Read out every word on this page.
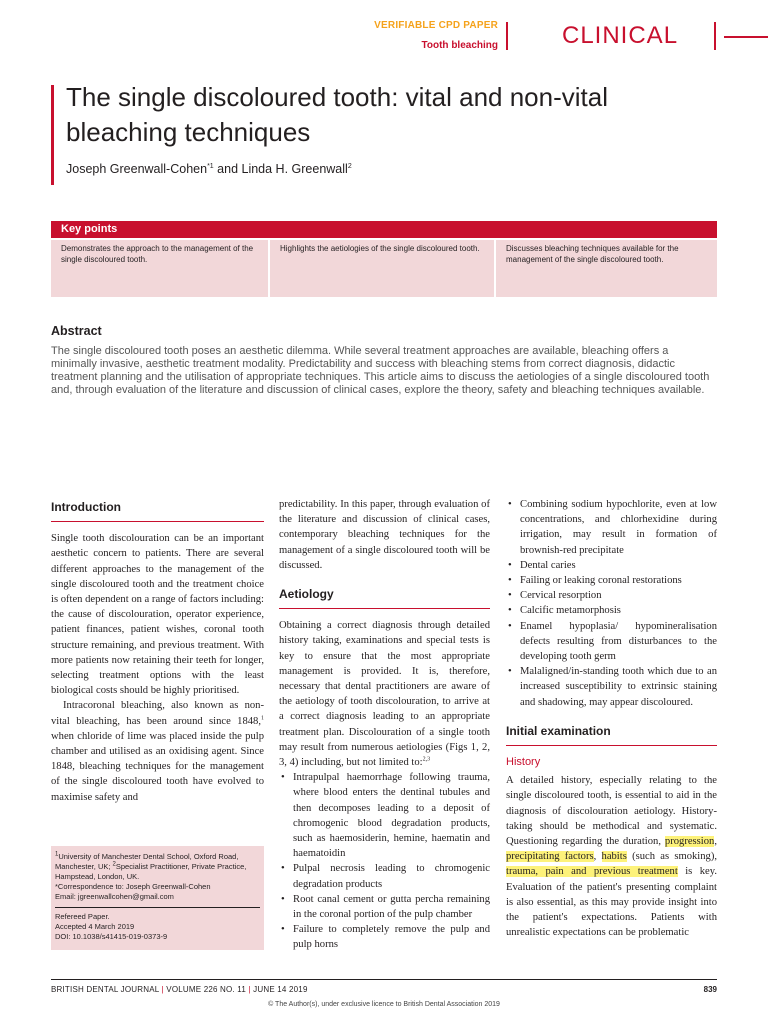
VERIFIABLE CPD PAPER
Tooth bleaching	CLINICAL
The single discoloured tooth: vital and non-vital bleaching techniques
Joseph Greenwall-Cohen$^{*1}$ and Linda H. Greenwall$^2$
Key points
Demonstrates the approach to the management of the single discoloured tooth.
Highlights the aetiologies of the single discoloured tooth.	Discusses bleaching techniques available for the management of the single discoloured tooth.
Abstract
The single discoloured tooth poses an aesthetic dilemma. While several treatment approaches are available, bleaching offers a minimally invasive, aesthetic treatment modality. Predictability and success with bleaching stems from correct diagnosis, didactic treatment planning and the utilisation of appropriate techniques. This article aims to discuss the aetiologies of a single discoloured tooth and, through evaluation of the literature and discussion of clinical cases, explore the theory, safety and bleaching techniques available.
Introduction

Single tooth discolouration can be an important aesthetic concern to patients. There are several different approaches to the management of the single discoloured tooth and the treatment choice is often dependent on a range of factors including: the cause of discolouration, operator experience, patient finances, patient wishes, coronal tooth structure remaining, and previous treatment. With more patients now retaining their teeth for longer, selecting treatment options with the least biological costs should be highly prioritised.

Intracoronal bleaching, also known as non-vital bleaching, has been around since 1848,$^1$ when chloride of lime was placed inside the pulp chamber and utilised as an oxidising agent. Since 1848, bleaching techniques for the management of the single discoloured tooth have evolved to maximise safety and

$^1$University of Manchester Dental School, Oxford Road, Manchester, UK; $^2$Specialist Practitioner, Private Practice, Hampstead, London, UK.
*Correspondence to: Joseph Greenwall-Cohen
Email: jgreenwallcohen@gmail.com
Refereed Paper.
Accepted 4 March 2019
DOI: 10.1038/s41415-019-0373-9

predictability. In this paper, through evaluation of the literature and discussion of clinical cases, contemporary bleaching techniques for the management of a single discoloured tooth will be discussed.

Aetiology

Obtaining a correct diagnosis through detailed history taking, examinations and special tests is key to ensure that the most appropriate management is provided. It is, therefore, necessary that dental practitioners are aware of the aetiology of tooth discolouration, to arrive at a correct diagnosis leading to an appropriate treatment plan. Discolouration of a single tooth may result from numerous aetiologies (Figs 1, 2, 3, 4) including, but not limited to:$^{2,3}$

• Intrapulpal haemorrhage following trauma, where blood enters the dentinal tubules and then decomposes leading to a deposit of chromogenic blood degradation products, such as haemosiderin, hemine, haematin and haematoidin
• Pulpal necrosis leading to chromogenic degradation products
• Root canal cement or gutta percha remaining in the coronal portion of the pulp chamber
• Failure to completely remove the pulp and pulp horns
• Combining sodium hypochlorite, even at low concentrations, and chlorhexidine during irrigation, may result in formation of brownish-red precipitate
• Dental caries
• Failing or leaking coronal restorations
• Cervical resorption
• Calcific metamorphosis
• Enamel hypoplasia/ hypomineralisation defects resulting from disturbances to the developing tooth germ
• Malaligned/in-standing tooth which due to an increased susceptibility to extrinsic staining and shadowing, may appear discoloured.
Initial examination
History

A detailed history, especially relating to the single discoloured tooth, is essential to aid in the diagnosis of discolouration aetiology. History-taking should be methodical and systematic. Questioning regarding the duration, progression, precipitating factors, habits (such as smoking), trauma, pain and previous treatment is key. Evaluation of the patient's presenting complaint is also essential, as this may provide insight into the patient's expectations. Patients with unrealistic expectations can be problematic

BRITISH DENTAL JOURNAL | VOLUME 226 NO. 11 | JUNE 14 2019	839
© The Author(s), under exclusive licence to British Dental Association 2019
